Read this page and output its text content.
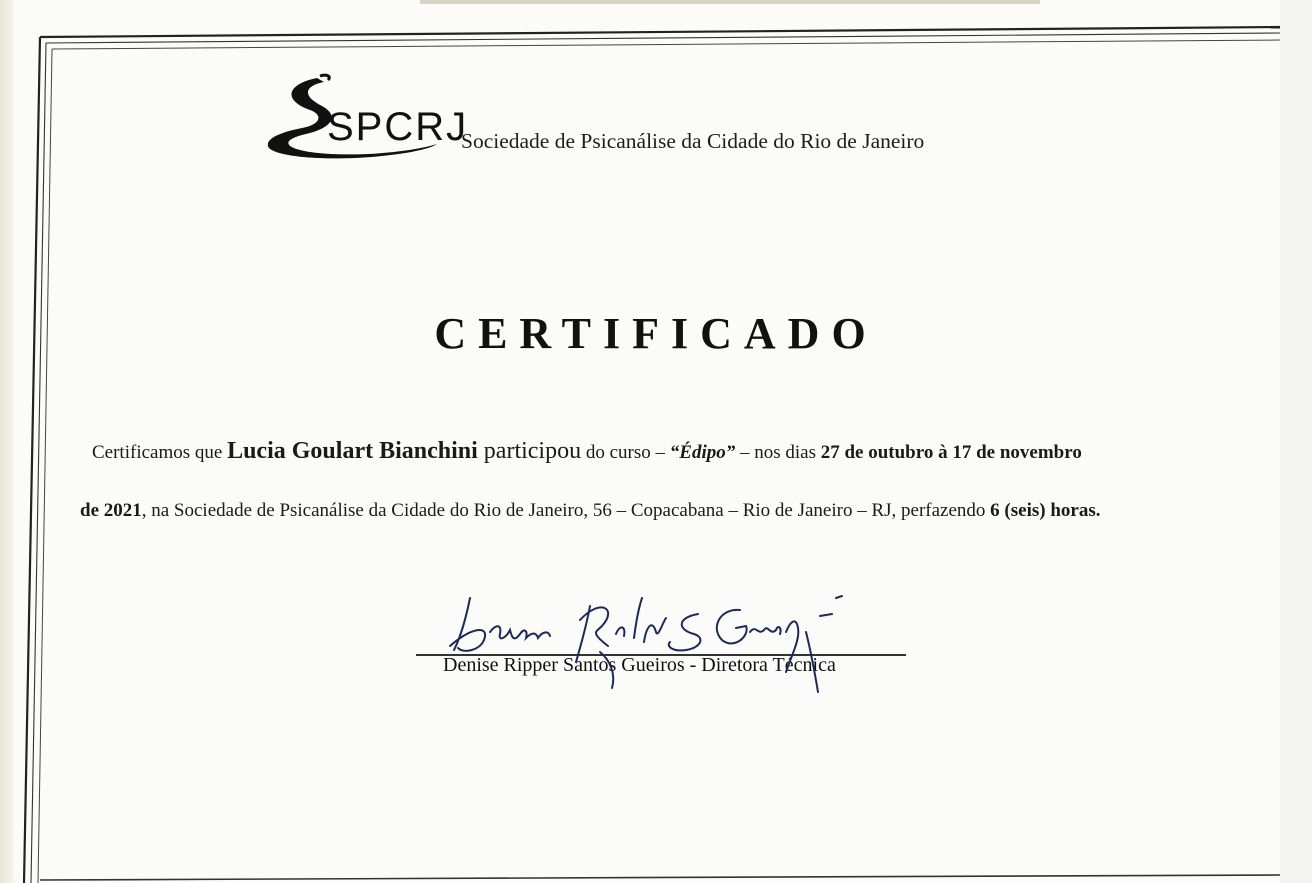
SPCRJ
Sociedade de Psicanálise da Cidade do Rio de Janeiro
CERTIFICADO
Certificamos que Lucia Goulart Bianchini participou do curso – “Édipo” – nos dias 27 de outubro à 17 de novembro
de 2021, na Sociedade de Psicanálise da Cidade do Rio de Janeiro, 56 – Copacabana – Rio de Janeiro – RJ, perfazendo 6 (seis) horas.
Denise Ripper Santos Gueiros - Diretora Técnica
